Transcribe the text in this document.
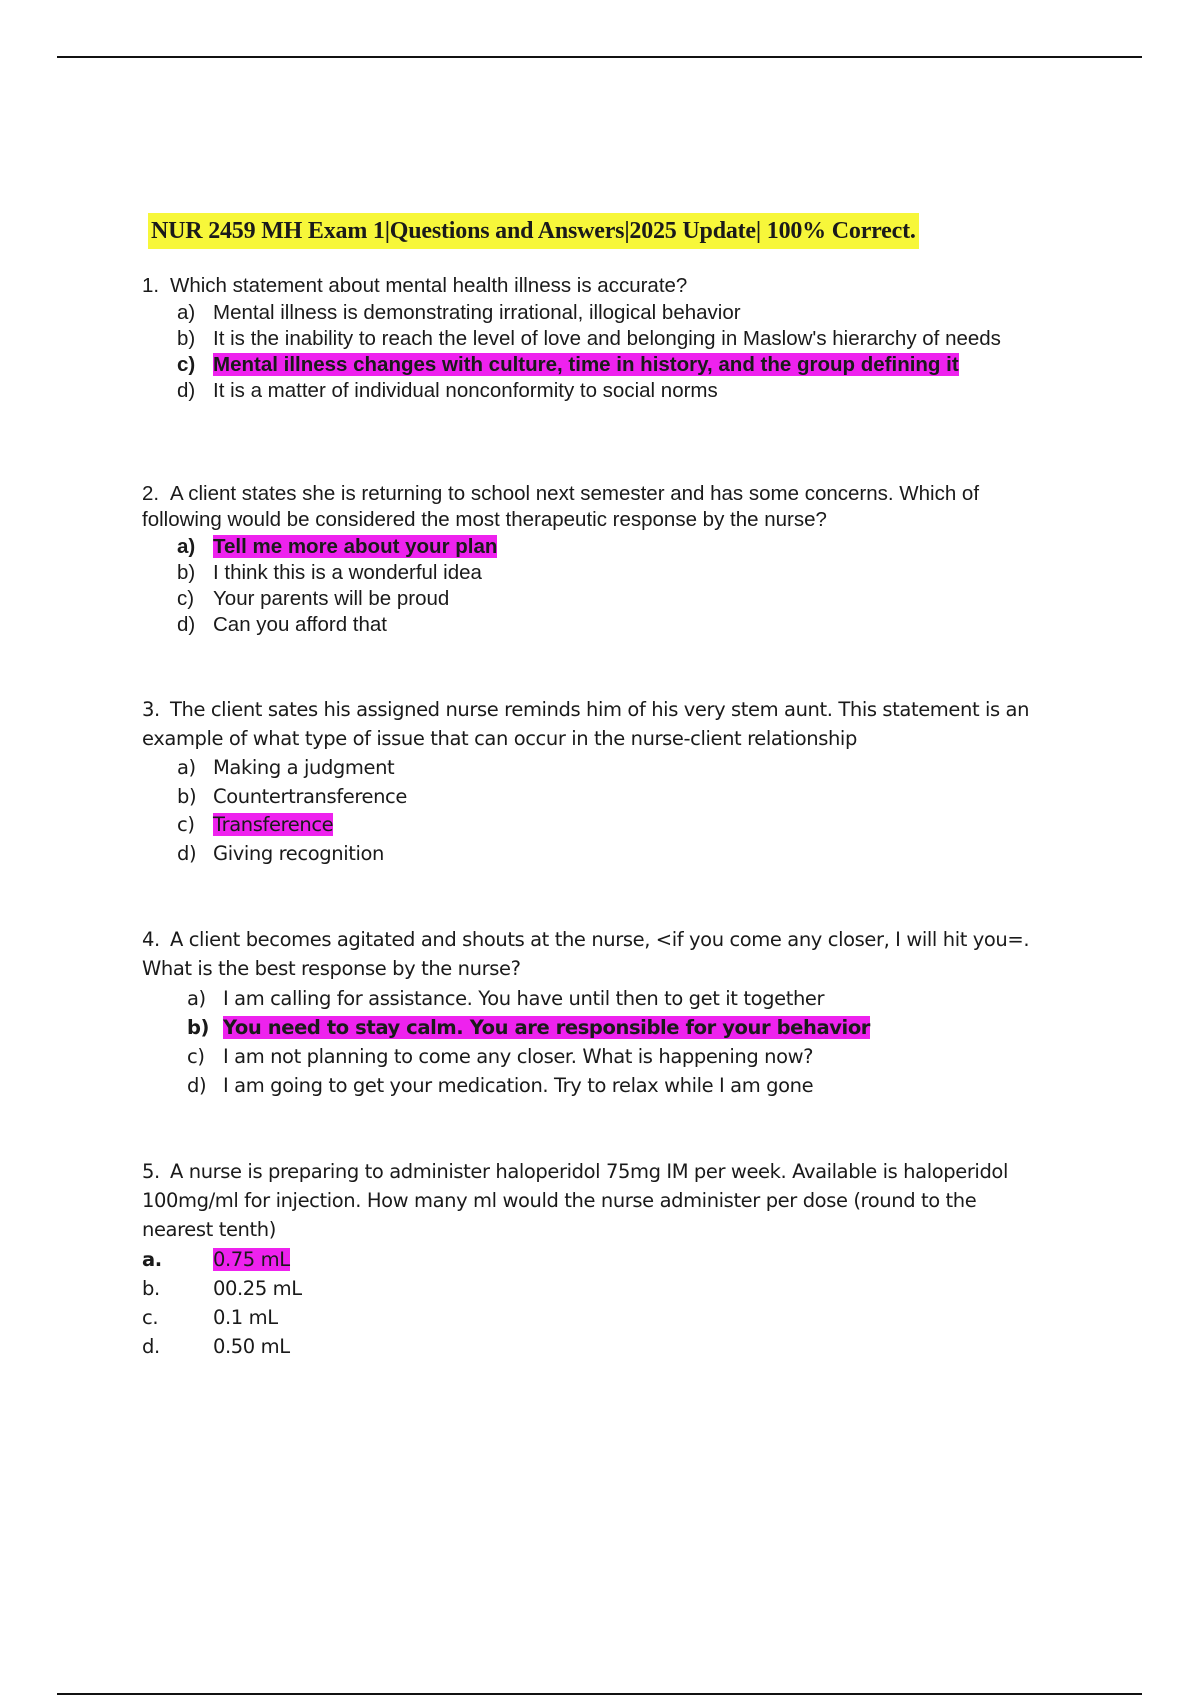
NUR 2459 MH Exam 1|Questions and Answers|2025 Update| 100% Correct.
1. Which statement about mental health illness is accurate?
a) Mental illness is demonstrating irrational, illogical behavior
b) It is the inability to reach the level of love and belonging in Maslow's hierarchy of needs
c) Mental illness changes with culture, time in history, and the group defining it
d) It is a matter of individual nonconformity to social norms
2. A client states she is returning to school next semester and has some concerns. Which of following would be considered the most therapeutic response by the nurse?
a) Tell me more about your plan
b) I think this is a wonderful idea
c) Your parents will be proud
d) Can you afford that
3. The client sates his assigned nurse reminds him of his very stem aunt. This statement is an example of what type of issue that can occur in the nurse-client relationship
a) Making a judgment
b) Countertransference
c) Transference
d) Giving recognition
4. A client becomes agitated and shouts at the nurse, <if you come any closer, I will hit you=. What is the best response by the nurse?
a) I am calling for assistance. You have until then to get it together
b) You need to stay calm. You are responsible for your behavior
c) I am not planning to come any closer. What is happening now?
d) I am going to get your medication. Try to relax while I am gone
5. A nurse is preparing to administer haloperidol 75mg IM per week. Available is haloperidol 100mg/ml for injection. How many ml would the nurse administer per dose (round to the nearest tenth)
a.	0.75 mL
b.	00.25 mL
c.	0.1 mL
d.	0.50 mL
